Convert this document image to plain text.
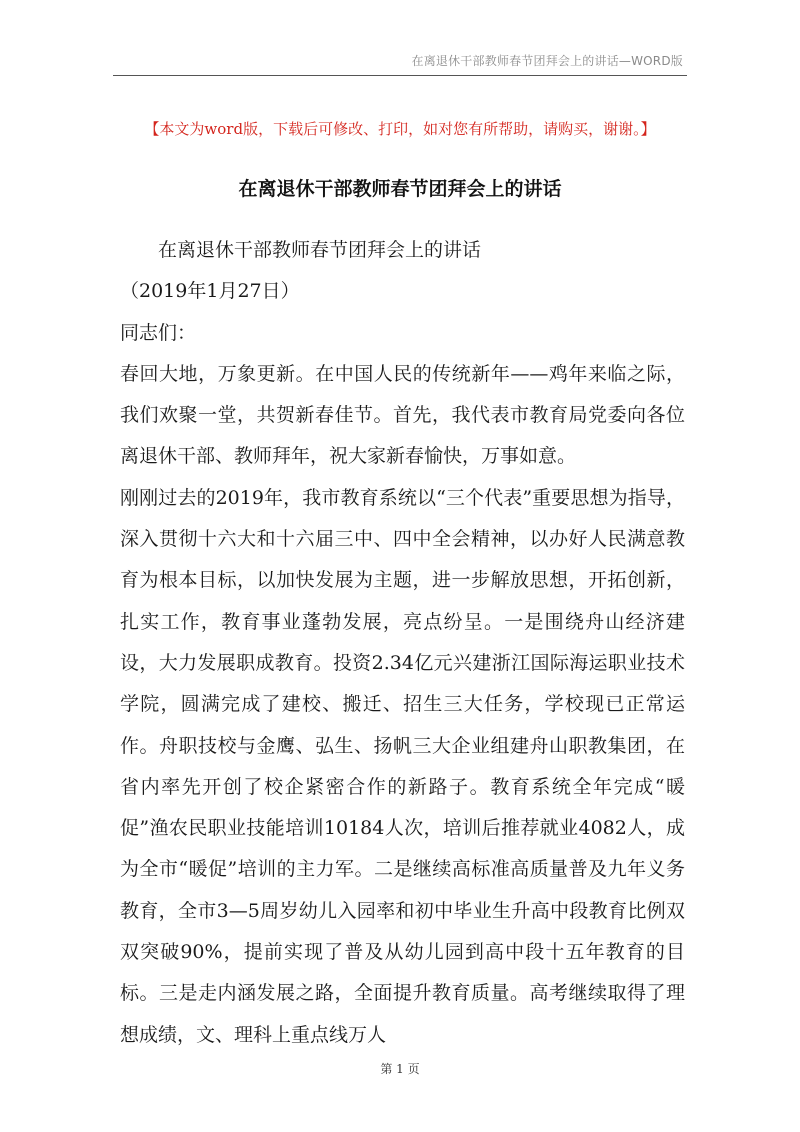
在离退休干部教师春节团拜会上的讲话—WORD版
【本文为word版，下载后可修改、打印，如对您有所帮助，请购买，谢谢。】
在离退休干部教师春节团拜会上的讲话

在离退休干部教师春节团拜会上的讲话

（2019年1月27日）

同志们：

春回大地，万象更新。在中国人民的传统新年——鸡年来临之际，我们欢聚一堂，共贺新春佳节。首先，我代表市教育局党委向各位离退休干部、教师拜年，祝大家新春愉快，万事如意。

刚刚过去的2019年，我市教育系统以“三个代表”重要思想为指导，深入贯彻十六大和十六届三中、四中全会精神，以办好人民满意教育为根本目标，以加快发展为主题，进一步解放思想，开拓创新，扎实工作，教育事业蓬勃发展，亮点纷呈。一是围绕舟山经济建设，大力发展职成教育。投资2.34亿元兴建浙江国际海运职业技术学院，圆满完成了建校、搬迁、招生三大任务，学校现已正常运作。舟职技校与金鹰、弘生、扬帆三大企业组建舟山职教集团，在省内率先开创了校企紧密合作的新路子。教育系统全年完成“暖促”渔农民职业技能培训10184人次，培训后推荐就业4082人，成为全市“暖促”培训的主力军。二是继续高标准高质量普及九年义务教育，全市3—5周岁幼儿入园率和初中毕业生升高中段教育比例双双突破90%，提前实现了普及从幼儿园到高中段十五年教育的目标。三是走内涵发展之路，全面提升教育质量。高考继续取得了理想成绩，文、理科上重点线万人

第 1 页
